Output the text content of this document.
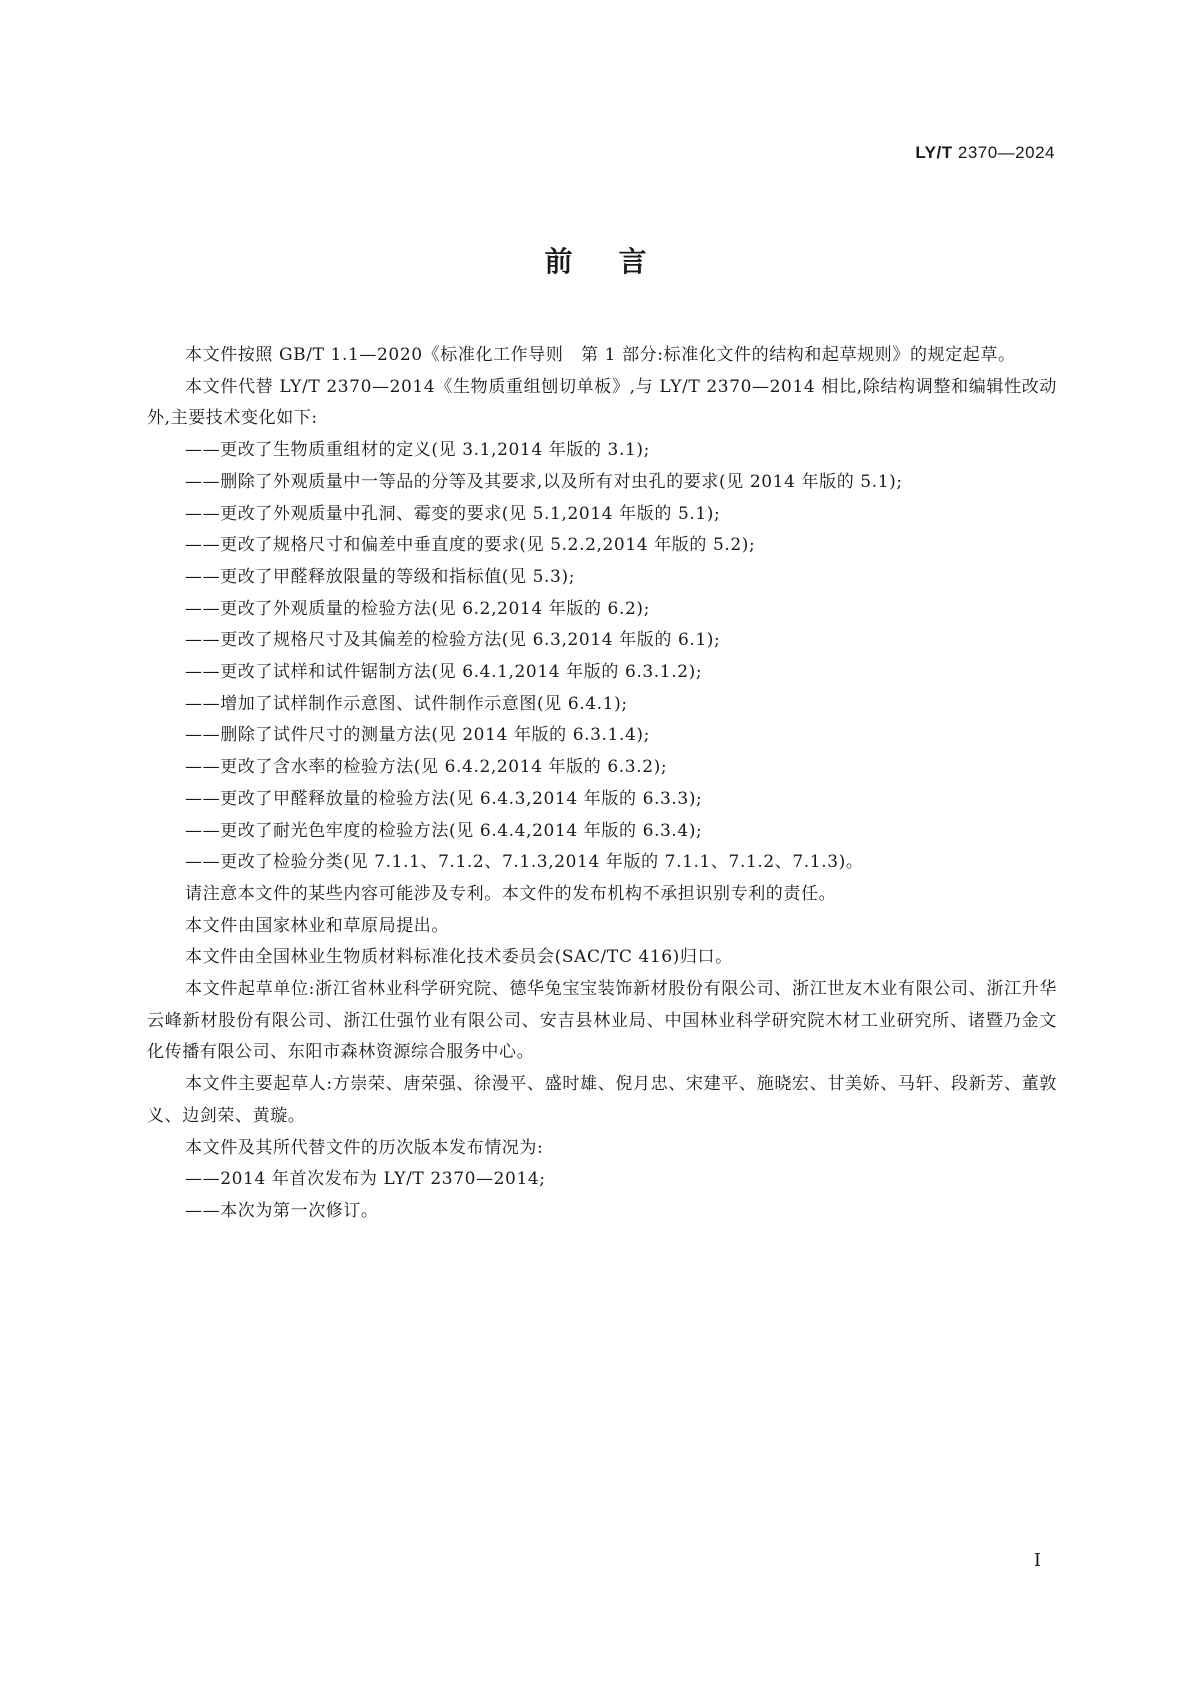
LY/T 2370—2024
前言

本文件按照 GB/T 1.1—2020《标准化工作导则　第 1 部分:标准化文件的结构和起草规则》的规定起草。

本文件代替 LY/T 2370—2014《生物质重组刨切单板》,与 LY/T 2370—2014 相比,除结构调整和编辑性改动外,主要技术变化如下:

——更改了生物质重组材的定义(见 3.1,2014 年版的 3.1);

——删除了外观质量中一等品的分等及其要求,以及所有对虫孔的要求(见 2014 年版的 5.1);

——更改了外观质量中孔洞、霉变的要求(见 5.1,2014 年版的 5.1);

——更改了规格尺寸和偏差中垂直度的要求(见 5.2.2,2014 年版的 5.2);

——更改了甲醛释放限量的等级和指标值(见 5.3);

——更改了外观质量的检验方法(见 6.2,2014 年版的 6.2);

——更改了规格尺寸及其偏差的检验方法(见 6.3,2014 年版的 6.1);

——更改了试样和试件锯制方法(见 6.4.1,2014 年版的 6.3.1.2);

——增加了试样制作示意图、试件制作示意图(见 6.4.1);

——删除了试件尺寸的测量方法(见 2014 年版的 6.3.1.4);

——更改了含水率的检验方法(见 6.4.2,2014 年版的 6.3.2);

——更改了甲醛释放量的检验方法(见 6.4.3,2014 年版的 6.3.3);

——更改了耐光色牢度的检验方法(见 6.4.4,2014 年版的 6.3.4);

——更改了检验分类(见 7.1.1、7.1.2、7.1.3,2014 年版的 7.1.1、7.1.2、7.1.3)。

请注意本文件的某些内容可能涉及专利。本文件的发布机构不承担识别专利的责任。

本文件由国家林业和草原局提出。

本文件由全国林业生物质材料标准化技术委员会(SAC/TC 416)归口。

本文件起草单位:浙江省林业科学研究院、德华兔宝宝装饰新材股份有限公司、浙江世友木业有限公司、浙江升华云峰新材股份有限公司、浙江仕强竹业有限公司、安吉县林业局、中国林业科学研究院木材工业研究所、诸暨乃金文化传播有限公司、东阳市森林资源综合服务中心。

本文件主要起草人:方崇荣、唐荣强、徐漫平、盛时雄、倪月忠、宋建平、施晓宏、甘美娇、马轩、段新芳、董敦义、边剑荣、黄璇。

本文件及其所代替文件的历次版本发布情况为:

——2014 年首次发布为 LY/T 2370—2014;

——本次为第一次修订。

I
